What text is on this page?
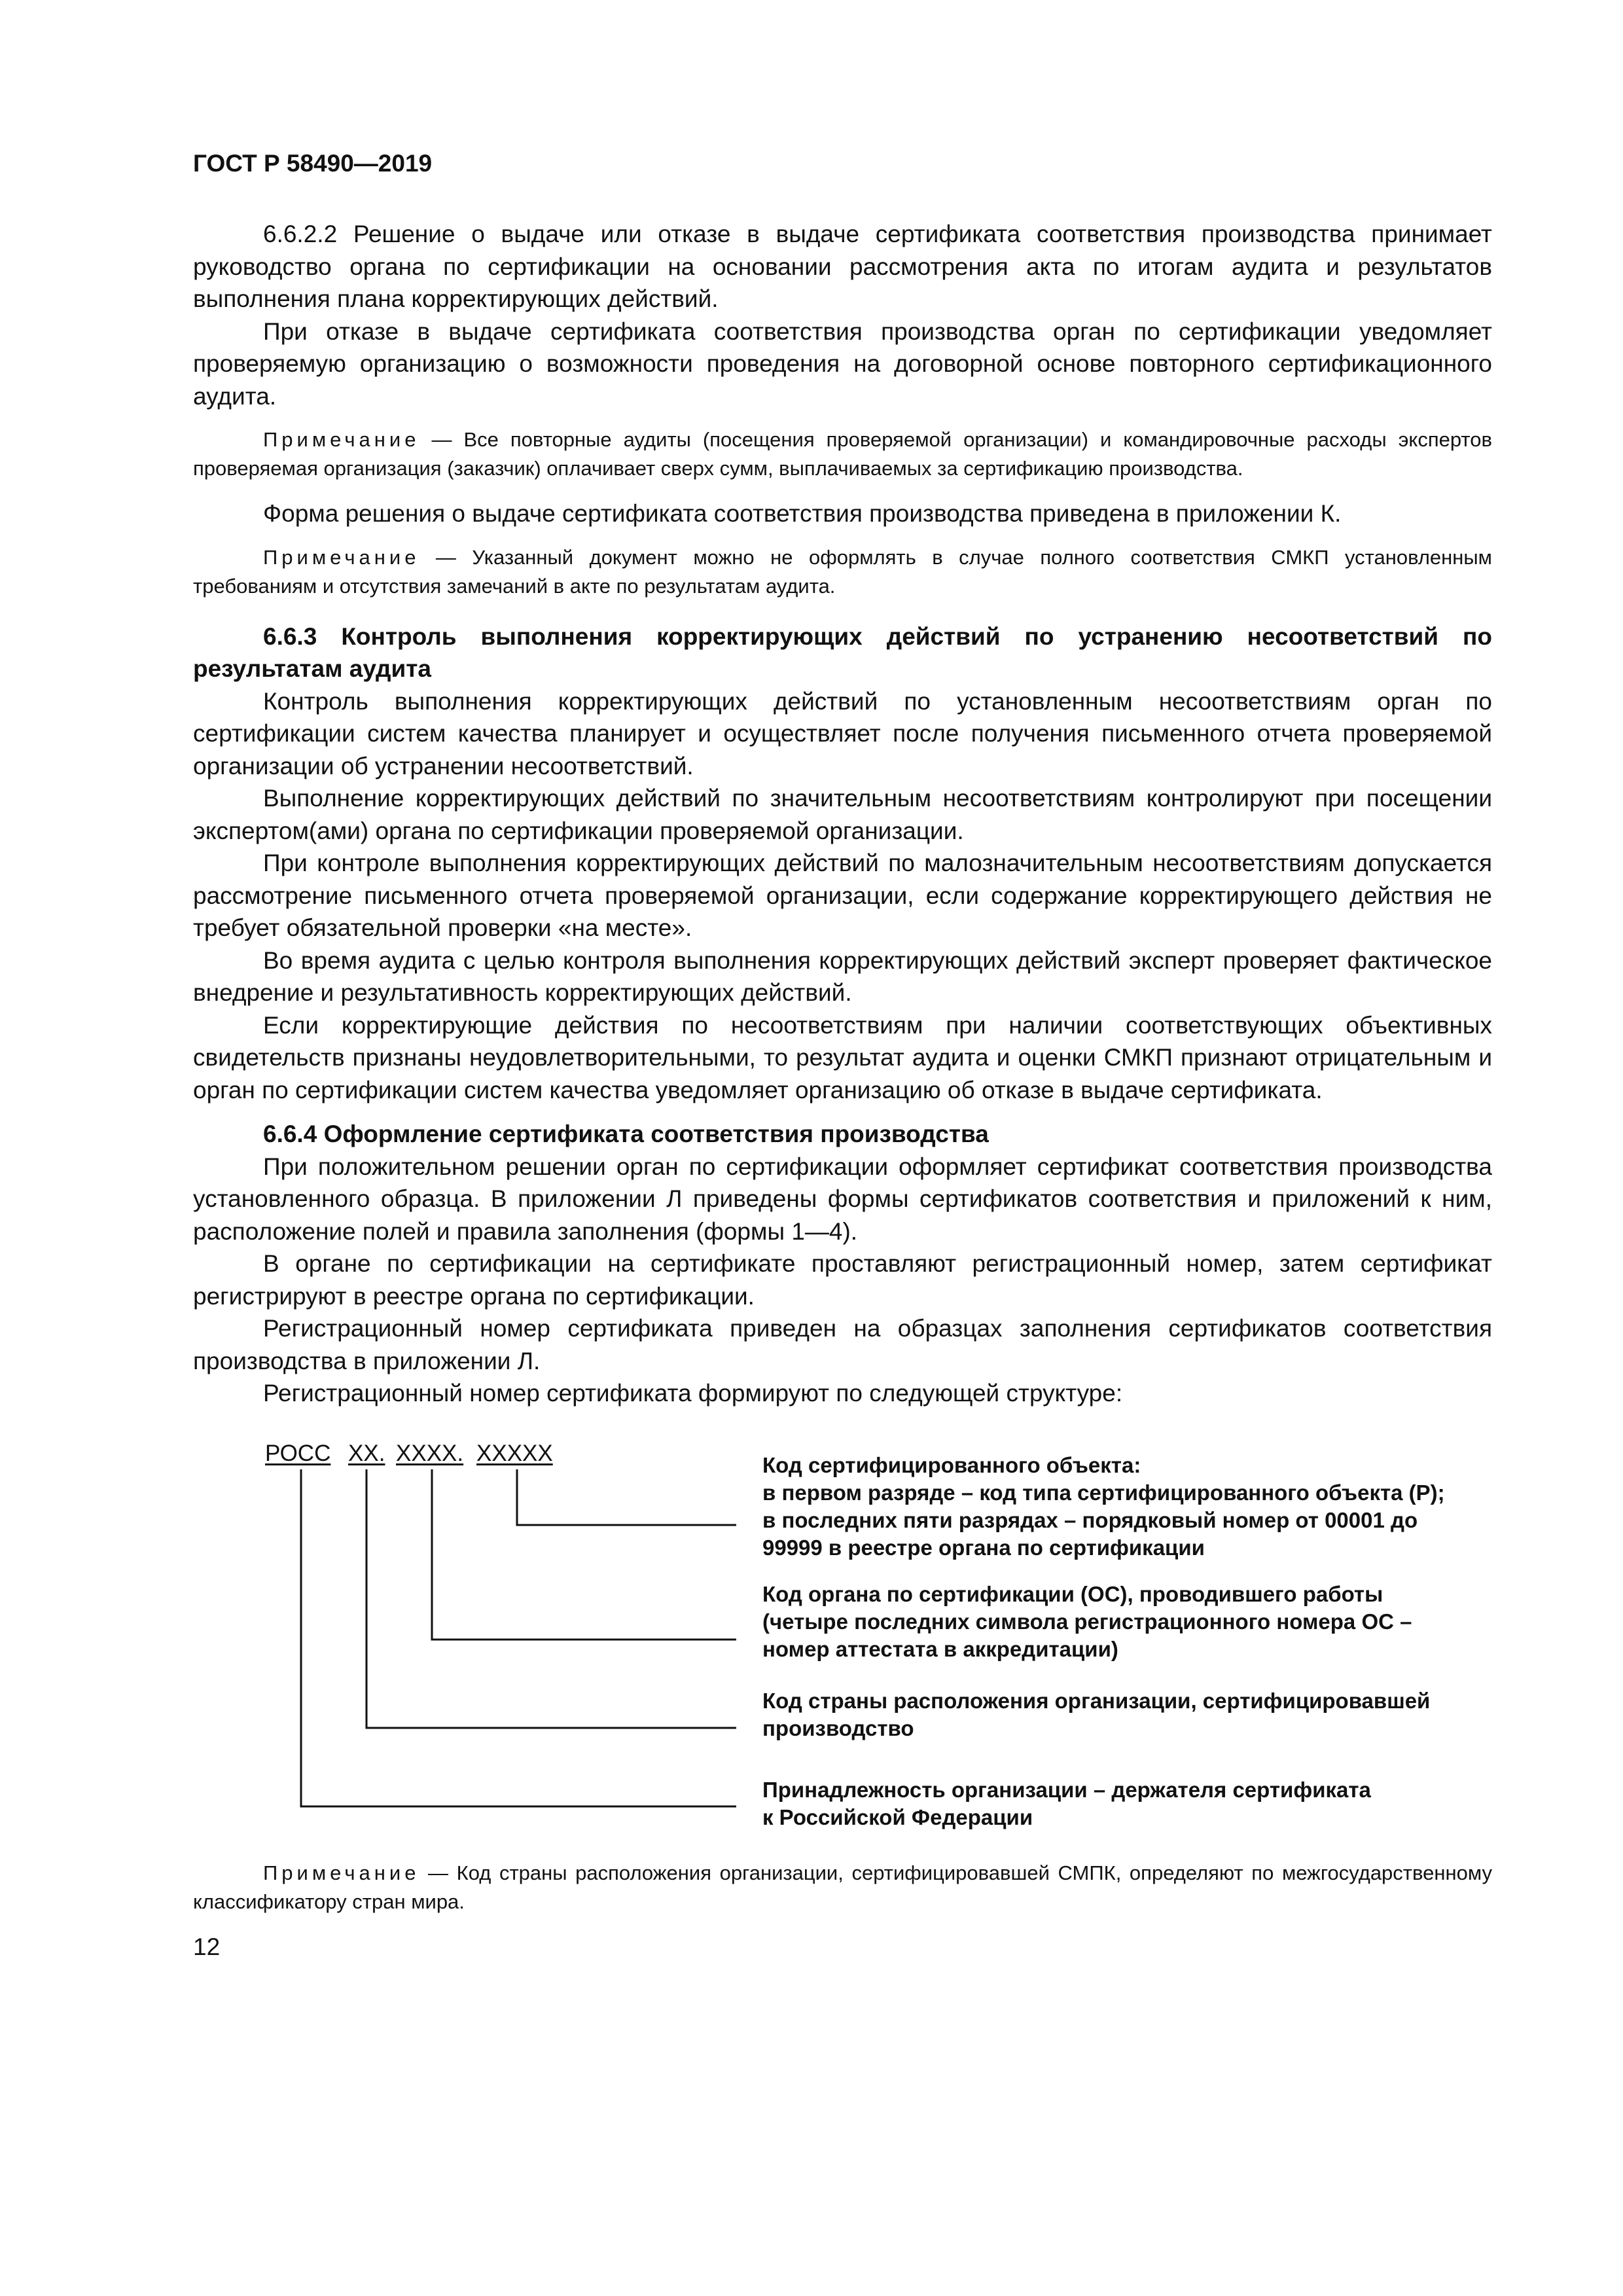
ГОСТ Р 58490—2019

6.6.2.2 Решение о выдаче или отказе в выдаче сертификата соответствия производства принимает руководство органа по сертификации на основании рассмотрения акта по итогам аудита и результатов выполнения плана корректирующих действий.

При отказе в выдаче сертификата соответствия производства орган по сертификации уведомляет проверяемую организацию о возможности проведения на договорной основе повторного сертификационного аудита.

Примечание — Все повторные аудиты (посещения проверяемой организации) и командировочные расходы экспертов проверяемая организация (заказчик) оплачивает сверх сумм, выплачиваемых за сертификацию производства.

Форма решения о выдаче сертификата соответствия производства приведена в приложении К.

Примечание — Указанный документ можно не оформлять в случае полного соответствия СМКП установленным требованиям и отсутствия замечаний в акте по результатам аудита.

6.6.3 Контроль выполнения корректирующих действий по устранению несоответствий по результатам аудита

Контроль выполнения корректирующих действий по установленным несоответствиям орган по сертификации систем качества планирует и осуществляет после получения письменного отчета проверяемой организации об устранении несоответствий.

Выполнение корректирующих действий по значительным несоответствиям контролируют при посещении экспертом(ами) органа по сертификации проверяемой организации.

При контроле выполнения корректирующих действий по малозначительным несоответствиям допускается рассмотрение письменного отчета проверяемой организации, если содержание корректирующего действия не требует обязательной проверки «на месте».

Во время аудита с целью контроля выполнения корректирующих действий эксперт проверяет фактическое внедрение и результативность корректирующих действий.

Если корректирующие действия по несоответствиям при наличии соответствующих объективных свидетельств признаны неудовлетворительными, то результат аудита и оценки СМКП признают отрицательным и орган по сертификации систем качества уведомляет организацию об отказе в выдаче сертификата.

6.6.4 Оформление сертификата соответствия производства

При положительном решении орган по сертификации оформляет сертификат соответствия производства установленного образца. В приложении Л приведены формы сертификатов соответствия и приложений к ним, расположение полей и правила заполнения (формы 1—4).

В органе по сертификации на сертификате проставляют регистрационный номер, затем сертификат регистрируют в реестре органа по сертификации.

Регистрационный номер сертификата приведен на образцах заполнения сертификатов соответствия производства в приложении Л.

Регистрационный номер сертификата формируют по следующей структуре:

РОСС XX. XXXX. XXXXX	Код сертифицированного объекта:
в первом разряде – код типа сертифицированного объекта (Р);
в последних пяти разрядах – порядковый номер от 00001 до 99999 в реестре органа по сертификации
Код органа по сертификации (ОС), проводившего работы
(четыре последних символа регистрационного номера ОС –
номер аттестата в аккредитации)
Код страны расположения организации, сертифицировавшей
производство
Принадлежность организации – держателя сертификата
к Российской Федерации

Примечание — Код страны расположения организации, сертифицировавшей СМПК, определяют по межгосударственному классификатору стран мира.

12
